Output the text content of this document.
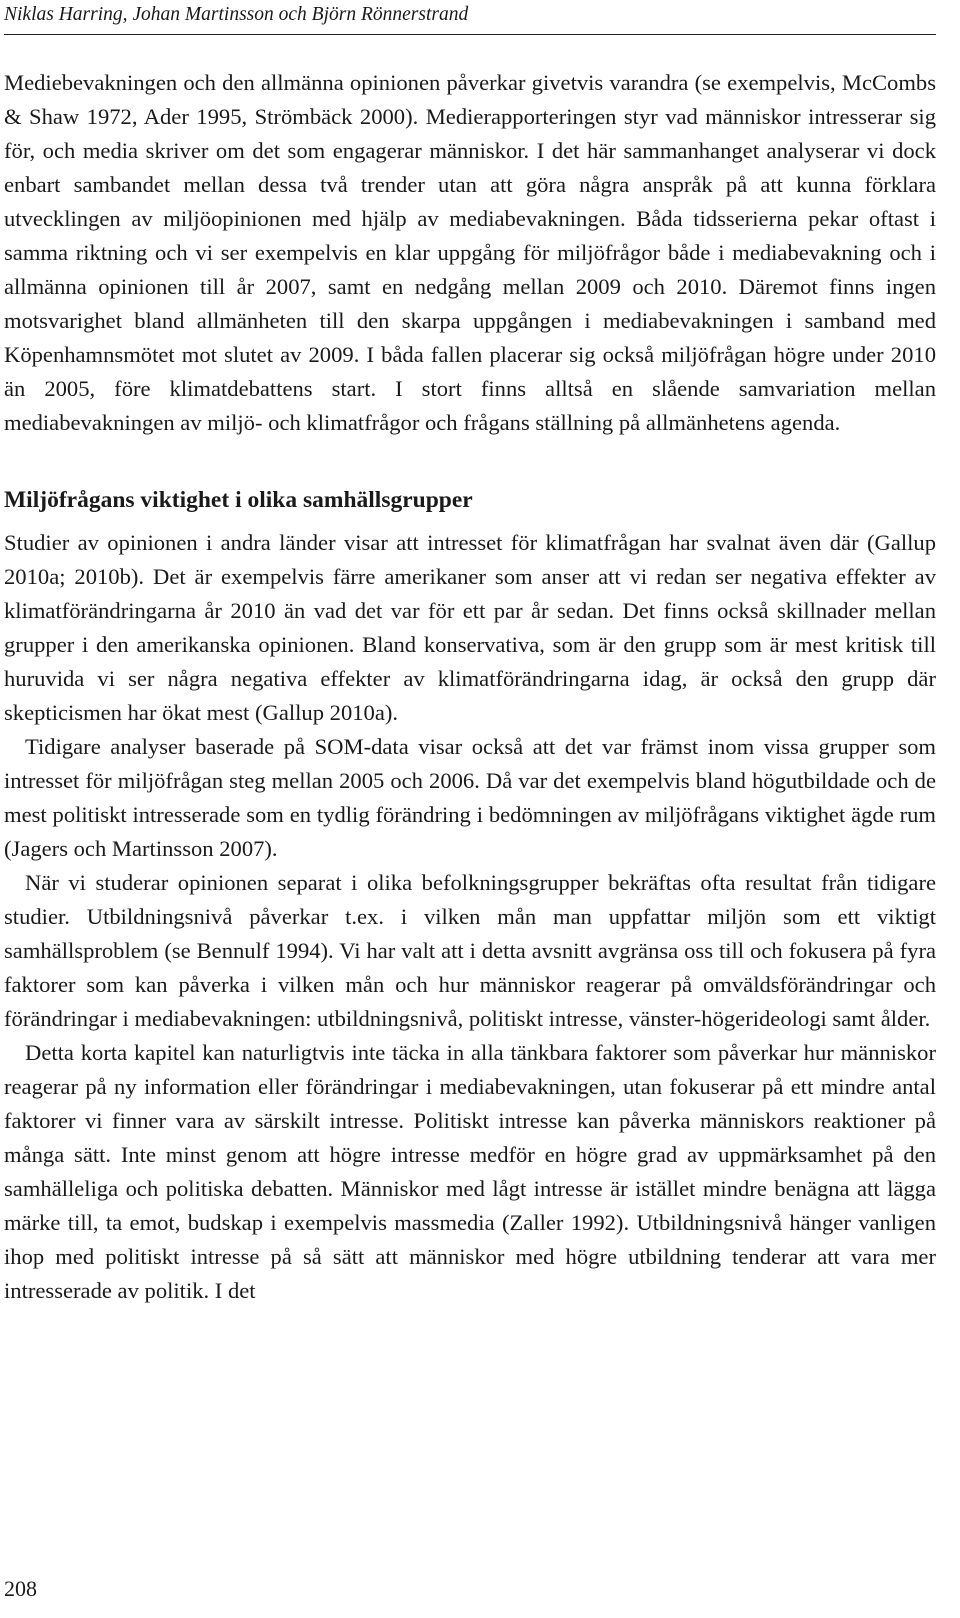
Niklas Harring, Johan Martinsson och Björn Rönnerstrand

Mediebevakningen och den allmänna opinionen påverkar givetvis varandra (se exempelvis, McCombs & Shaw 1972, Ader 1995, Strömbäck 2000). Medierapporteringen styr vad människor intresserar sig för, och media skriver om det som engagerar människor. I det här sammanhanget analyserar vi dock enbart sambandet mellan dessa två trender utan att göra några anspråk på att kunna förklara utvecklingen av miljöopinionen med hjälp av mediabevakningen. Båda tidsserierna pekar oftast i samma riktning och vi ser exempelvis en klar uppgång för miljöfrågor både i mediabevakning och i allmänna opinionen till år 2007, samt en nedgång mellan 2009 och 2010. Däremot finns ingen motsvarighet bland allmänheten till den skarpa uppgången i mediabevakningen i samband med Köpenhamnsmötet mot slutet av 2009. I båda fallen placerar sig också miljöfrågan högre under 2010 än 2005, före klimatdebattens start. I stort finns alltså en slående samvariation mellan mediabevakningen av miljö- och klimatfrågor och frågans ställning på allmänhetens agenda.

Miljöfrågans viktighet i olika samhällsgrupper

Studier av opinionen i andra länder visar att intresset för klimatfrågan har svalnat även där (Gallup 2010a; 2010b). Det är exempelvis färre amerikaner som anser att vi redan ser negativa effekter av klimatförändringarna år 2010 än vad det var för ett par år sedan. Det finns också skillnader mellan grupper i den amerikanska opinionen. Bland konservativa, som är den grupp som är mest kritisk till huruvida vi ser några negativa effekter av klimatförändringarna idag, är också den grupp där skepticismen har ökat mest (Gallup 2010a).

Tidigare analyser baserade på SOM-data visar också att det var främst inom vissa grupper som intresset för miljöfrågan steg mellan 2005 och 2006. Då var det exempelvis bland högutbildade och de mest politiskt intresserade som en tydlig förändring i bedömningen av miljöfrågans viktighet ägde rum (Jagers och Martinsson 2007).

När vi studerar opinionen separat i olika befolkningsgrupper bekräftas ofta resultat från tidigare studier. Utbildningsnivå påverkar t.ex. i vilken mån man uppfattar miljön som ett viktigt samhällsproblem (se Bennulf 1994). Vi har valt att i detta avsnitt avgränsa oss till och fokusera på fyra faktorer som kan påverka i vilken mån och hur människor reagerar på omväldsförändringar och förändringar i mediabevakningen: utbildningsnivå, politiskt intresse, vänster-högerideologi samt ålder.

Detta korta kapitel kan naturligtvis inte täcka in alla tänkbara faktorer som påverkar hur människor reagerar på ny information eller förändringar i mediabevakningen, utan fokuserar på ett mindre antal faktorer vi finner vara av särskilt intresse. Politiskt intresse kan påverka människors reaktioner på många sätt. Inte minst genom att högre intresse medför en högre grad av uppmärksamhet på den samhälleliga och politiska debatten. Människor med lågt intresse är istället mindre benägna att lägga märke till, ta emot, budskap i exempelvis massmedia (Zaller 1992). Utbildningsnivå hänger vanligen ihop med politiskt intresse på så sätt att människor med högre utbildning tenderar att vara mer intresserade av politik. I det

208
